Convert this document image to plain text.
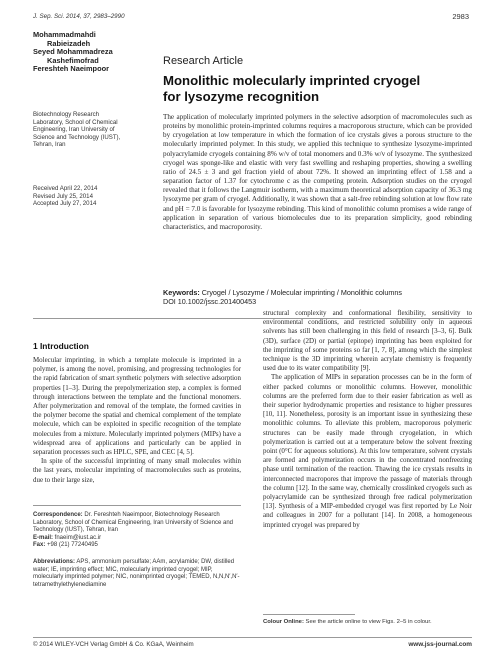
J. Sep. Sci. 2014, 37, 2983–2990	2983
Mohammadmahdi
Rabieizadeh
Seyed Mohammadreza
Kashefimofrad
Fereshteh Naeimpoor
Biotechnology Research
Laboratory, School of Chemical
Engineering, Iran University of
Science and Technology (IUST),
Tehran, Iran
Received April 22, 2014
Revised July 25, 2014
Accepted July 27, 2014
Research Article
Monolithic molecularly imprinted cryogel
for lysozyme recognition
The application of molecularly imprinted polymers in the selective adsorption of macromolecules such as proteins by monolithic protein-imprinted columns requires a macroporous structure, which can be provided by cryogelation at low temperature in which the formation of ice crystals gives a porous structure to the molecularly imprinted polymer. In this study, we applied this technique to synthesize lysozyme-imprinted polyacrylamide cryogels containing 8% w/v of total monomers and 0.3% w/v of lysozyme. The synthesized cryogel was sponge-like and elastic with very fast swelling and reshaping properties, showing a swelling ratio of 24.5 ± 3 and gel fraction yield of about 72%. It showed an imprinting effect of 1.58 and a separation factor of 1.37 for cytochrome c as the competing protein. Adsorption studies on the cryogel revealed that it follows the Langmuir isotherm, with a maximum theoretical adsorption capacity of 36.3 mg lysozyme per gram of cryogel. Additionally, it was shown that a salt-free rebinding solution at low flow rate and pH = 7.0 is favorable for lysozyme rebinding. This kind of monolithic column promises a wide range of application in separation of various biomolecules due to its preparation simplicity, good rebinding characteristics, and macroporosity.
Keywords: Cryogel / Lysozyme / Molecular imprinting / Monolithic columns
DOI 10.1002/jssc.201400453
1 Introduction

Molecular imprinting, in which a template molecule is imprinted in a polymer, is among the novel, promising, and progressing technologies for the rapid fabrication of smart synthetic polymers with selective adsorption properties [1–3]. During the prepolymerization step, a complex is formed through interactions between the template and the functional monomers. After polymerization and removal of the template, the formed cavities in the polymer become the spatial and chemical complement of the template molecule, which can be exploited in specific recognition of the template molecules from a mixture. Molecularly imprinted polymers (MIPs) have a widespread area of applications and particularly can be applied in separation processes such as HPLC, SPE, and CEC [4, 5].

In spite of the successful imprinting of many small molecules within the last years, molecular imprinting of macromolecules such as proteins, due to their large size,

Correspondence: Dr. Fereshteh Naeimpoor, Biotechnology Research Laboratory, School of Chemical Engineering, Iran University of Science and Technology (IUST), Tehran, Iran
E-mail: fnaeim@iust.ac.ir
Fax: +98 (21) 77240495
Abbreviations: APS, ammonium persulfate; AAm, acrylamide; DW, distilled water; IE, imprinting effect; MIC, molecularly imprinted cryogel; MIP, molecularly imprinted polymer; NIC, nonimprinted cryogel; TEMED, N,N,N′,N′-tetramethylethylenediamine

structural complexity and conformational flexibility, sensitivity to environmental conditions, and restricted solubility only in aqueous solvents has still been challenging in this field of research [3–3, 6]. Bulk (3D), surface (2D) or partial (epitope) imprinting has been exploited for the imprinting of some proteins so far [1, 7, 8], among which the simplest technique is the 3D imprinting wherein acrylate chemistry is frequently used due to its water compatibility [9].

The application of MIPs in separation processes can be in the form of either packed columns or monolithic columns. However, monolithic columns are the preferred form due to their easier fabrication as well as their superior hydrodynamic properties and resistance to higher pressures [10, 11]. Nonetheless, porosity is an important issue in synthesizing these monolithic columns. To alleviate this problem, macroporous polymeric structures can be easily made through cryogelation, in which polymerization is carried out at a temperature below the solvent freezing point (0°C for aqueous solutions). At this low temperature, solvent crystals are formed and polymerization occurs in the concentrated nonfreezing phase until termination of the reaction. Thawing the ice crystals results in interconnected macropores that improve the passage of materials through the column [12]. In the same way, chemically crosslinked cryogels such as polyacrylamide can be synthesized through free radical polymerization [13]. Synthesis of a MIP-embedded cryogel was first reported by Le Noir and colleagues in 2007 for a pollutant [14]. In 2008, a homogeneous imprinted cryogel was prepared by

Colour Online: See the article online to view Figs. 2–5 in colour.
© 2014 WILEY-VCH Verlag GmbH & Co. KGaA, Weinheim	www.jss-journal.com
